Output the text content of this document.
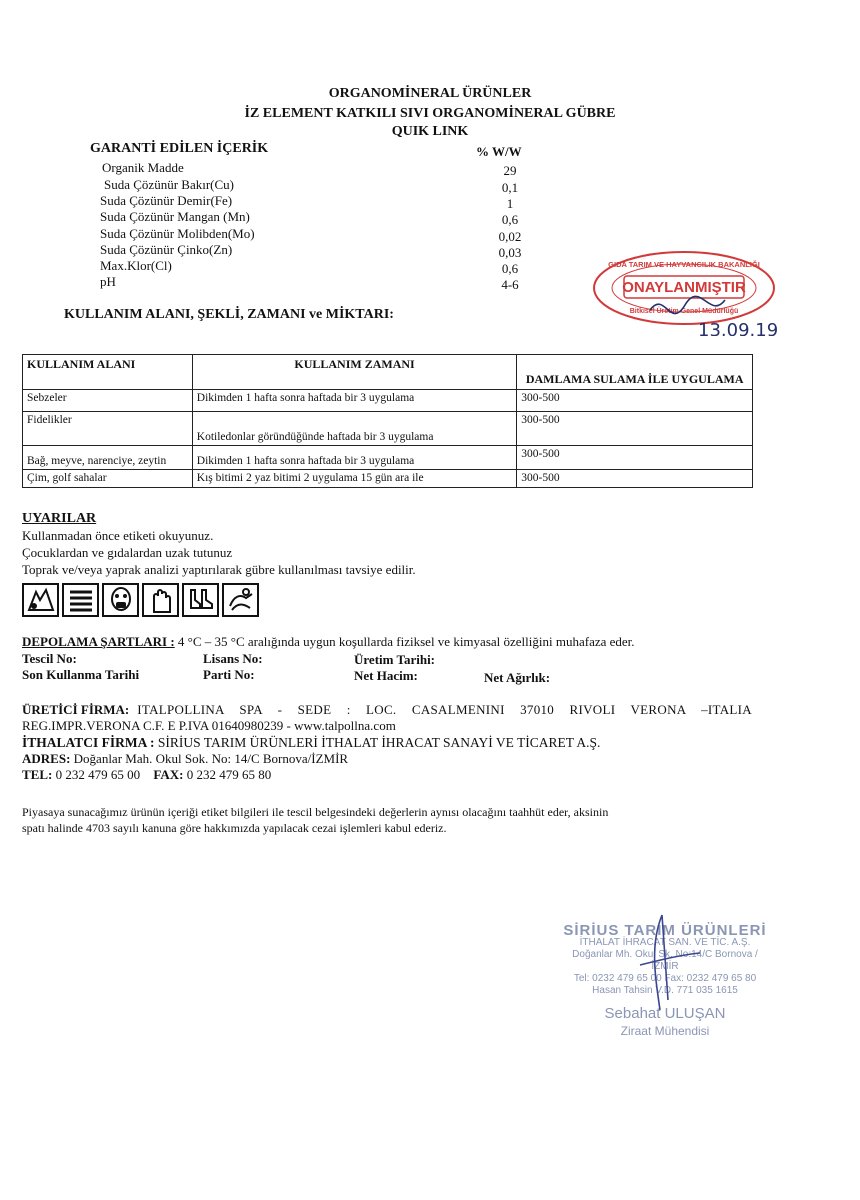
ORGANOMİNERAL ÜRÜNLER
İZ ELEMENT KATKILI SIVI ORGANOMİNERAL GÜBRE
QUIK LINK
GARANTİ EDİLEN İÇERİK	% W/W
Organik Madde	29
Suda Çözünür Bakır(Cu)	0,1
Suda Çözünür Demir(Fe)	1
Suda Çözünür Mangan (Mn)	0,6
Suda Çözünür Molibden(Mo)	0,02
Suda Çözünür Çinko(Zn)	0,03
Max.Klor(Cl)	0,6
pH	4-6
GIDA TARIM VE HAYVANCILIK BAKANLIĞI
ONAYLANMIŞTIR
Bitkisel Üretim Genel Müdürlüğü
13.09.19
KULLANIM ALANI, ŞEKLİ, ZAMANI ve MİKTARI:
KULLANIM ALANI	KULLANIM ZAMANI	DAMLAMA SULAMA İLE UYGULAMA
Sebzeler	Dikimden 1 hafta sonra haftada bir 3 uygulama	300-500
Fidelikler	Kotiledonlar göründüğünde haftada bir 3 uygulama	300-500
Bağ, meyve, narenciye, zeytin	Dikimden 1 hafta sonra haftada bir 3 uygulama	300-500
Çim, golf sahalar	Kış bitimi 2 yaz bitimi 2 uygulama 15 gün ara ile	300-500
UYARILAR
Kullanmadan önce etiketi okuyunuz.
Çocuklardan ve gıdalardan uzak tutunuz
Toprak ve/veya yaprak analizi yaptırılarak gübre kullanılması tavsiye edilir.
DEPOLAMA ŞARTLARI : 4 °C – 35 °C aralığında uygun koşullarda fiziksel ve kimyasal özelliğini muhafaza eder.
Tescil No:	Lisans No:	Üretim Tarihi:
Son Kullanma Tarihi	Parti No:	Net Hacim:	Net Ağırlık:
ÜRETİCİ FİRMA: ITALPOLLINA SPA - SEDE : LOC. CASALMENINI 37010 RIVOLI VERONA –ITALIA
REG.IMPR.VERONA C.F. E P.IVA 01640980239 - www.talpollna.com
İTHALATCI FİRMA : SİRİUS TARIM ÜRÜNLERİ İTHALAT İHRACAT SANAYİ VE TİCARET A.Ş.
ADRES: Doğanlar Mah. Okul Sok. No: 14/C Bornova/İZMİR
TEL: 0 232 479 65 00 FAX: 0 232 479 65 80
Piyasaya sunacağımız ürünün içeriği etiket bilgileri ile tescil belgesindeki değerlerin aynısı olacağını taahhüt eder, aksinin
spatı halinde 4703 sayılı kanuna göre hakkımızda yapılacak cezai işlemleri kabul ederiz.
SİRİUS TARIM ÜRÜNLERİ
İTHALAT İHRACAT SAN. VE TİC. A.Ş.
Doğanlar Mh. Okul Sk. No:14/C Bornova /İZMİR
Tel: 0232 479 65 00 Fax: 0232 479 65 80
Hasan Tahsin V.D. 771 035 1615
Sebahat ULUŞAN
Ziraat Mühendisi
